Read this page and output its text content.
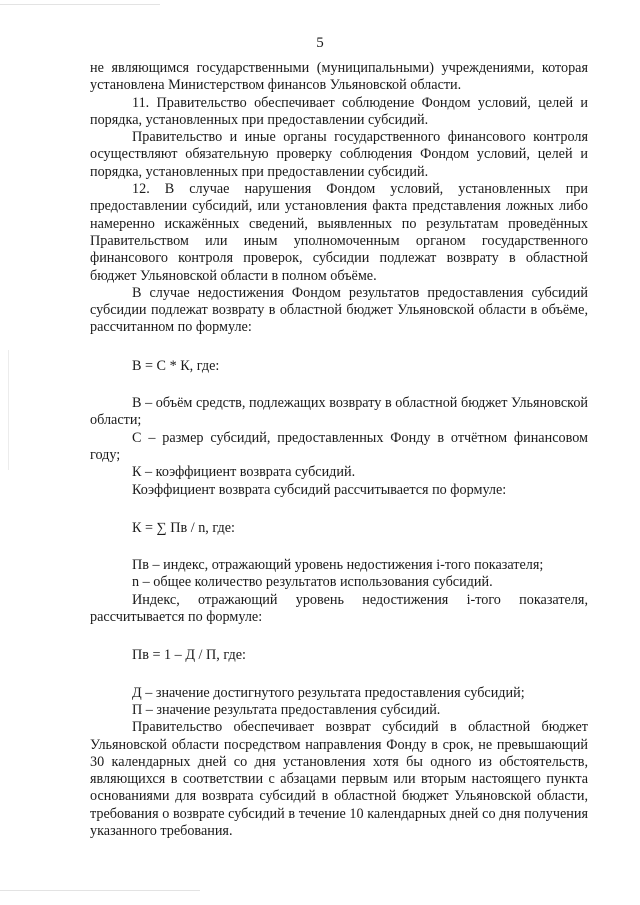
5

не являющимся государственными (муниципальными) учреждениями, которая установлена Министерством финансов Ульяновской области.

11. Правительство обеспечивает соблюдение Фондом условий, целей и порядка, установленных при предоставлении субсидий.

Правительство и иные органы государственного финансового контроля осуществляют обязательную проверку соблюдения Фондом условий, целей и порядка, установленных при предоставлении субсидий.

12. В случае нарушения Фондом условий, установленных при предоставлении субсидий, или установления факта представления ложных либо намеренно искажённых сведений, выявленных по результатам проведённых Правительством или иным уполномоченным органом государственного финансового контроля проверок, субсидии подлежат возврату в областной бюджет Ульяновской области в полном объёме.

В случае недостижения Фондом результатов предоставления субсидий субсидии подлежат возврату в областной бюджет Ульяновской области в объёме, рассчитанном по формуле:

В = С * К, где:

В – объём средств, подлежащих возврату в областной бюджет Ульяновской области;

С – размер субсидий, предоставленных Фонду в отчётном финансовом году;

К – коэффициент возврата субсидий.

Коэффициент возврата субсидий рассчитывается по формуле:

К = ∑ Пв / n, где:

Пв – индекс, отражающий уровень недостижения i-того показателя;

n – общее количество результатов использования субсидий.

Индекс, отражающий уровень недостижения i-того показателя, рассчитывается по формуле:

Пв = 1 – Д / П, где:

Д – значение достигнутого результата предоставления субсидий;

П – значение результата предоставления субсидий.

Правительство обеспечивает возврат субсидий в областной бюджет Ульяновской области посредством направления Фонду в срок, не превышающий 30 календарных дней со дня установления хотя бы одного из обстоятельств, являющихся в соответствии с абзацами первым или вторым настоящего пункта основаниями для возврата субсидий в областной бюджет Ульяновской области, требования о возврате субсидий в течение 10 календарных дней со дня получения указанного требования.
